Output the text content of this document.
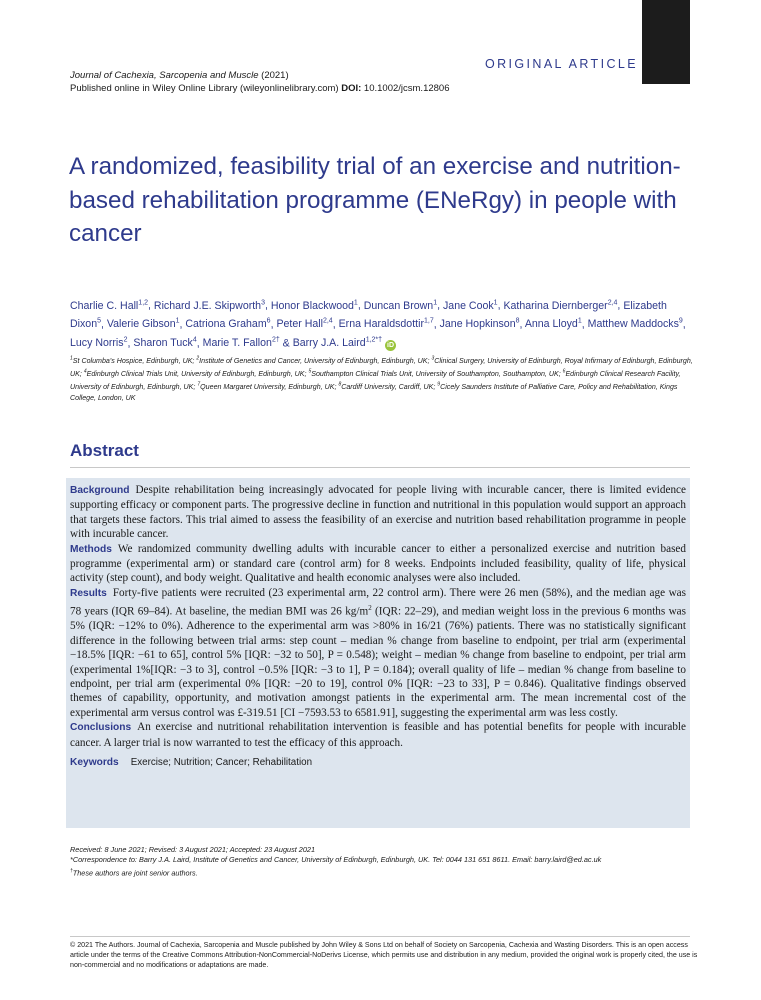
ORIGINAL ARTICLE
Journal of Cachexia, Sarcopenia and Muscle (2021)
Published online in Wiley Online Library (wileyonlinelibrary.com) DOI: 10.1002/jcsm.12806
A randomized, feasibility trial of an exercise and nutrition-based rehabilitation programme (ENeRgy) in people with cancer
Charlie C. Hall$^{1,2}$, Richard J.E. Skipworth$^3$, Honor Blackwood$^1$, Duncan Brown$^1$, Jane Cook$^1$, Katharina Diernberger$^{2,4}$, Elizabeth Dixon$^5$, Valerie Gibson$^1$, Catriona Graham$^6$, Peter Hall$^{2,4}$, Erna Haraldsdottir$^{1,7}$, Jane Hopkinson$^8$, Anna Lloyd$^1$, Matthew Maddocks$^9$, Lucy Norris$^2$, Sharon Tuck$^4$, Marie T. Fallon$^{2\dagger}$ & Barry J.A. Laird$^{1,2*\dagger}$ iD
$^1$St Columba's Hospice, Edinburgh, UK; $^2$Institute of Genetics and Cancer, University of Edinburgh, Edinburgh, UK; $^3$Clinical Surgery, University of Edinburgh, Royal Infirmary of Edinburgh, Edinburgh, UK; $^4$Edinburgh Clinical Trials Unit, University of Edinburgh, Edinburgh, UK; $^5$Southampton Clinical Trials Unit, University of Southampton, Southampton, UK; $^6$Edinburgh Clinical Research Facility, University of Edinburgh, Edinburgh, UK; $^7$Queen Margaret University, Edinburgh, UK; $^8$Cardiff University, Cardiff, UK; $^9$Cicely Saunders Institute of Palliative Care, Policy and Rehabilitation, Kings College, London, UK
Abstract

Background Despite rehabilitation being increasingly advocated for people living with incurable cancer, there is limited evidence supporting efficacy or component parts. The progressive decline in function and nutritional in this population would support an approach that targets these factors. This trial aimed to assess the feasibility of an exercise and nutrition based rehabilitation programme in people with incurable cancer.

Methods We randomized community dwelling adults with incurable cancer to either a personalized exercise and nutrition based programme (experimental arm) or standard care (control arm) for 8 weeks. Endpoints included feasibility, quality of life, physical activity (step count), and body weight. Qualitative and health economic analyses were also included.

Results Forty-five patients were recruited (23 experimental arm, 22 control arm). There were 26 men (58%), and the median age was 78 years (IQR 69–84). At baseline, the median BMI was 26 $kg/m^2$ (IQR: 22–29), and median weight loss in the previous 6 months was 5% (IQR: −12% to 0%). Adherence to the experimental arm was >80% in 16/21 (76%) patients. There was no statistically significant difference in the following between trial arms: step count – median % change from baseline to endpoint, per trial arm (experimental −18.5% [IQR: −61 to 65], control 5% [IQR: −32 to 50], P = 0.548); weight – median % change from baseline to endpoint, per trial arm (experimental 1%[IQR: −3 to 3], control −0.5% [IQR: −3 to 1], P = 0.184); overall quality of life – median % change from baseline to endpoint, per trial arm (experimental 0% [IQR: −20 to 19], control 0% [IQR: −23 to 33], P = 0.846). Qualitative findings observed themes of capability, opportunity, and motivation amongst patients in the experimental arm. The mean incremental cost of the experimental arm versus control was £-319.51 [CI −7593.53 to 6581.91], suggesting the experimental arm was less costly.

Conclusions An exercise and nutritional rehabilitation intervention is feasible and has potential benefits for people with incurable cancer. A larger trial is now warranted to test the efficacy of this approach.

Keywords Exercise; Nutrition; Cancer; Rehabilitation

Received: 8 June 2021; Revised: 3 August 2021; Accepted: 23 August 2021
*Correspondence to: Barry J.A. Laird, Institute of Genetics and Cancer, University of Edinburgh, Edinburgh, UK. Tel: 0044 131 651 8611. Email: barry.laird@ed.ac.uk
†These authors are joint senior authors.
© 2021 The Authors. Journal of Cachexia, Sarcopenia and Muscle published by John Wiley & Sons Ltd on behalf of Society on Sarcopenia, Cachexia and Wasting Disorders. This is an open access article under the terms of the Creative Commons Attribution-NonCommercial-NoDerivs License, which permits use and distribution in any medium, provided the original work is properly cited, the use is non-commercial and no modifications or adaptations are made.
